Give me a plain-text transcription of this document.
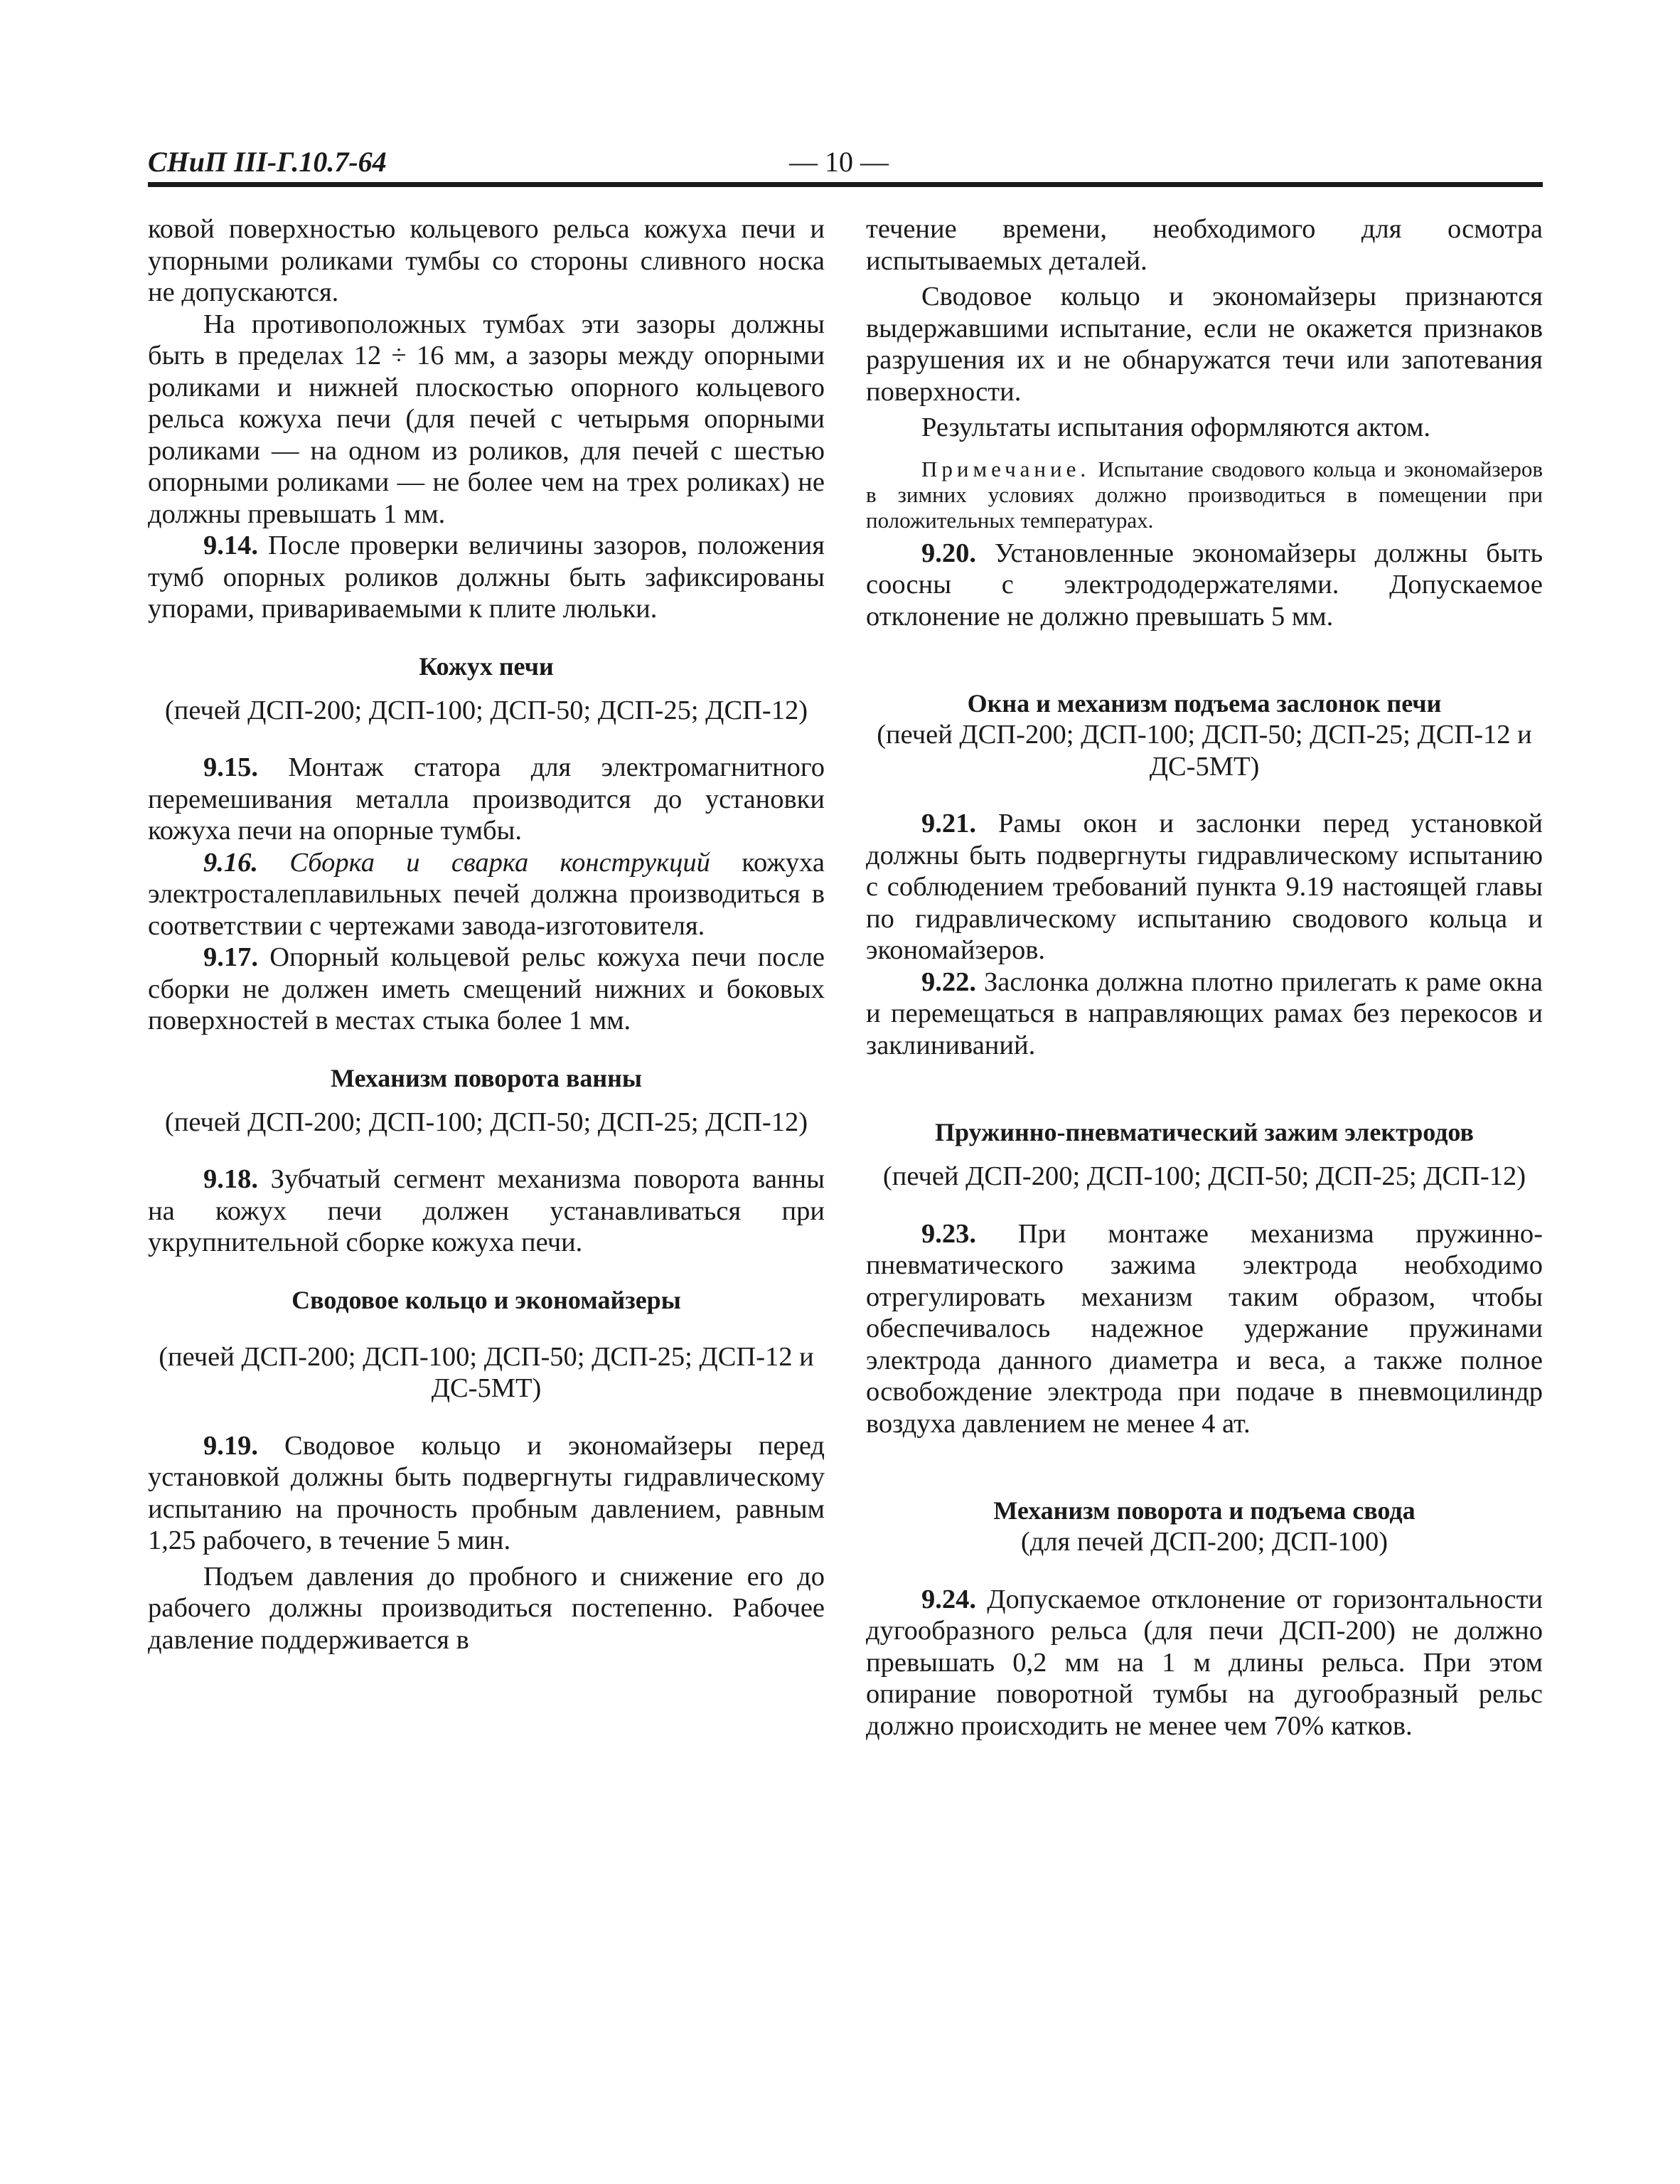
СНиП III-Г.10.7-64	— 10 —

ковой поверхностью кольцевого рельса кожуха печи и упорными роликами тумбы со стороны сливного носка не допускаются.

На противоположных тумбах эти зазоры должны быть в пределах 12 ÷ 16 мм, а зазоры между опорными роликами и нижней плоскостью опорного кольцевого рельса кожуха печи (для печей с четырьмя опорными роликами — на одном из роликов, для печей с шестью опорными роликами — не более чем на трех роликах) не должны превышать 1 мм.

9.14. После проверки величины зазоров, положения тумб опорных роликов должны быть зафиксированы упорами, привариваемыми к плите люльки.

Кожух печи

(печей ДСП-200; ДСП-100; ДСП-50; ДСП-25; ДСП-12)

9.15. Монтаж статора для электромагнитного перемешивания металла производится до установки кожуха печи на опорные тумбы.

9.16. Сборка и сварка конструкций кожуха электросталеплавильных печей должна производиться в соответствии с чертежами завода-изготовителя.

9.17. Опорный кольцевой рельс кожуха печи после сборки не должен иметь смещений нижних и боковых поверхностей в местах стыка более 1 мм.

Механизм поворота ванны

(печей ДСП-200; ДСП-100; ДСП-50; ДСП-25; ДСП-12)

9.18. Зубчатый сегмент механизма поворота ванны на кожух печи должен устанавливаться при укрупнительной сборке кожуха печи.

Сводовое кольцо и экономайзеры

(печей ДСП-200; ДСП-100; ДСП-50; ДСП-25; ДСП-12 и ДС-5МТ)

9.19. Сводовое кольцо и экономайзеры перед установкой должны быть подвергнуты гидравлическому испытанию на прочность пробным давлением, равным 1,25 рабочего, в течение 5 мин.

Подъем давления до пробного и снижение его до рабочего должны производиться постепенно. Рабочее давление поддерживается в

течение времени, необходимого для осмотра испытываемых деталей.

Сводовое кольцо и экономайзеры признаются выдержавшими испытание, если не окажется признаков разрушения их и не обнаружатся течи или запотевания поверхности.

Результаты испытания оформляются актом.

Примечание. Испытание сводового кольца и экономайзеров в зимних условиях должно производиться в помещении при положительных температурах.

9.20. Установленные экономайзеры должны быть соосны с электрододержателями. Допускаемое отклонение не должно превышать 5 мм.

Окна и механизм подъема заслонок печи

(печей ДСП-200; ДСП-100; ДСП-50; ДСП-25; ДСП-12 и ДС-5МТ)

9.21. Рамы окон и заслонки перед установкой должны быть подвергнуты гидравлическому испытанию с соблюдением требований пункта 9.19 настоящей главы по гидравлическому испытанию сводового кольца и экономайзеров.

9.22. Заслонка должна плотно прилегать к раме окна и перемещаться в направляющих рамах без перекосов и заклиниваний.

Пружинно-пневматический зажим электродов

(печей ДСП-200; ДСП-100; ДСП-50; ДСП-25; ДСП-12)

9.23. При монтаже механизма пружинно-пневматического зажима электрода необходимо отрегулировать механизм таким образом, чтобы обеспечивалось надежное удержание пружинами электрода данного диаметра и веса, а также полное освобождение электрода при подаче в пневмоцилиндр воздуха давлением не менее 4 ат.

Механизм поворота и подъема свода

(для печей ДСП-200; ДСП-100)

9.24. Допускаемое отклонение от горизонтальности дугообразного рельса (для печи ДСП-200) не должно превышать 0,2 мм на 1 м длины рельса. При этом опирание поворотной тумбы на дугообразный рельс должно происходить не менее чем 70% катков.
